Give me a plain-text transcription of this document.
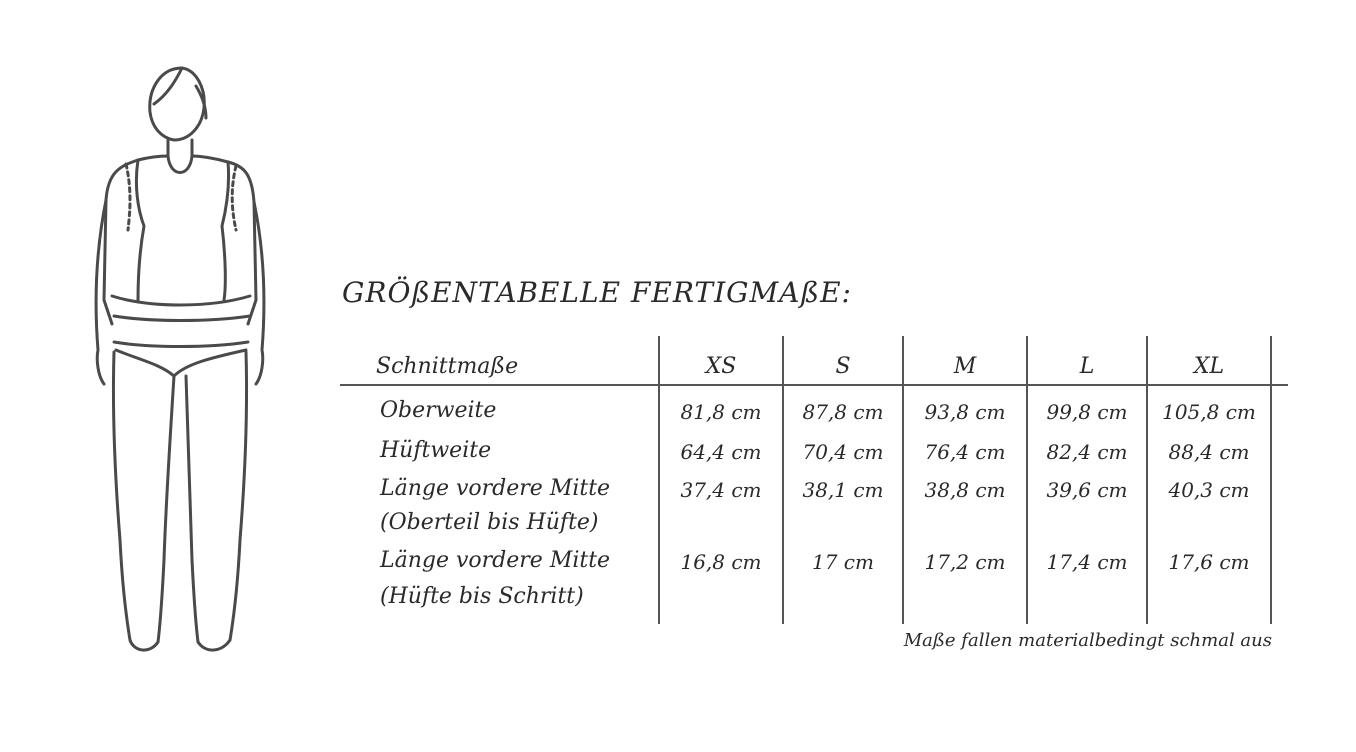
GRÖßENTABELLE FERTIGMAßE:
Schnittmaße	XS	S	M	L	XL
Oberweite	81,8 cm	87,8 cm	93,8 cm	99,8 cm	105,8 cm
Hüftweite	64,4 cm	70,4 cm	76,4 cm	82,4 cm	88,4 cm
Länge vordere Mitte
(Oberteil bis Hüfte)
37,4 cm	38,1 cm	38,8 cm	39,6 cm	40,3 cm
Länge vordere Mitte
(Hüfte bis Schritt)
16,8 cm	17 cm	17,2 cm	17,4 cm	17,6 cm
Maße fallen materialbedingt schmal aus
